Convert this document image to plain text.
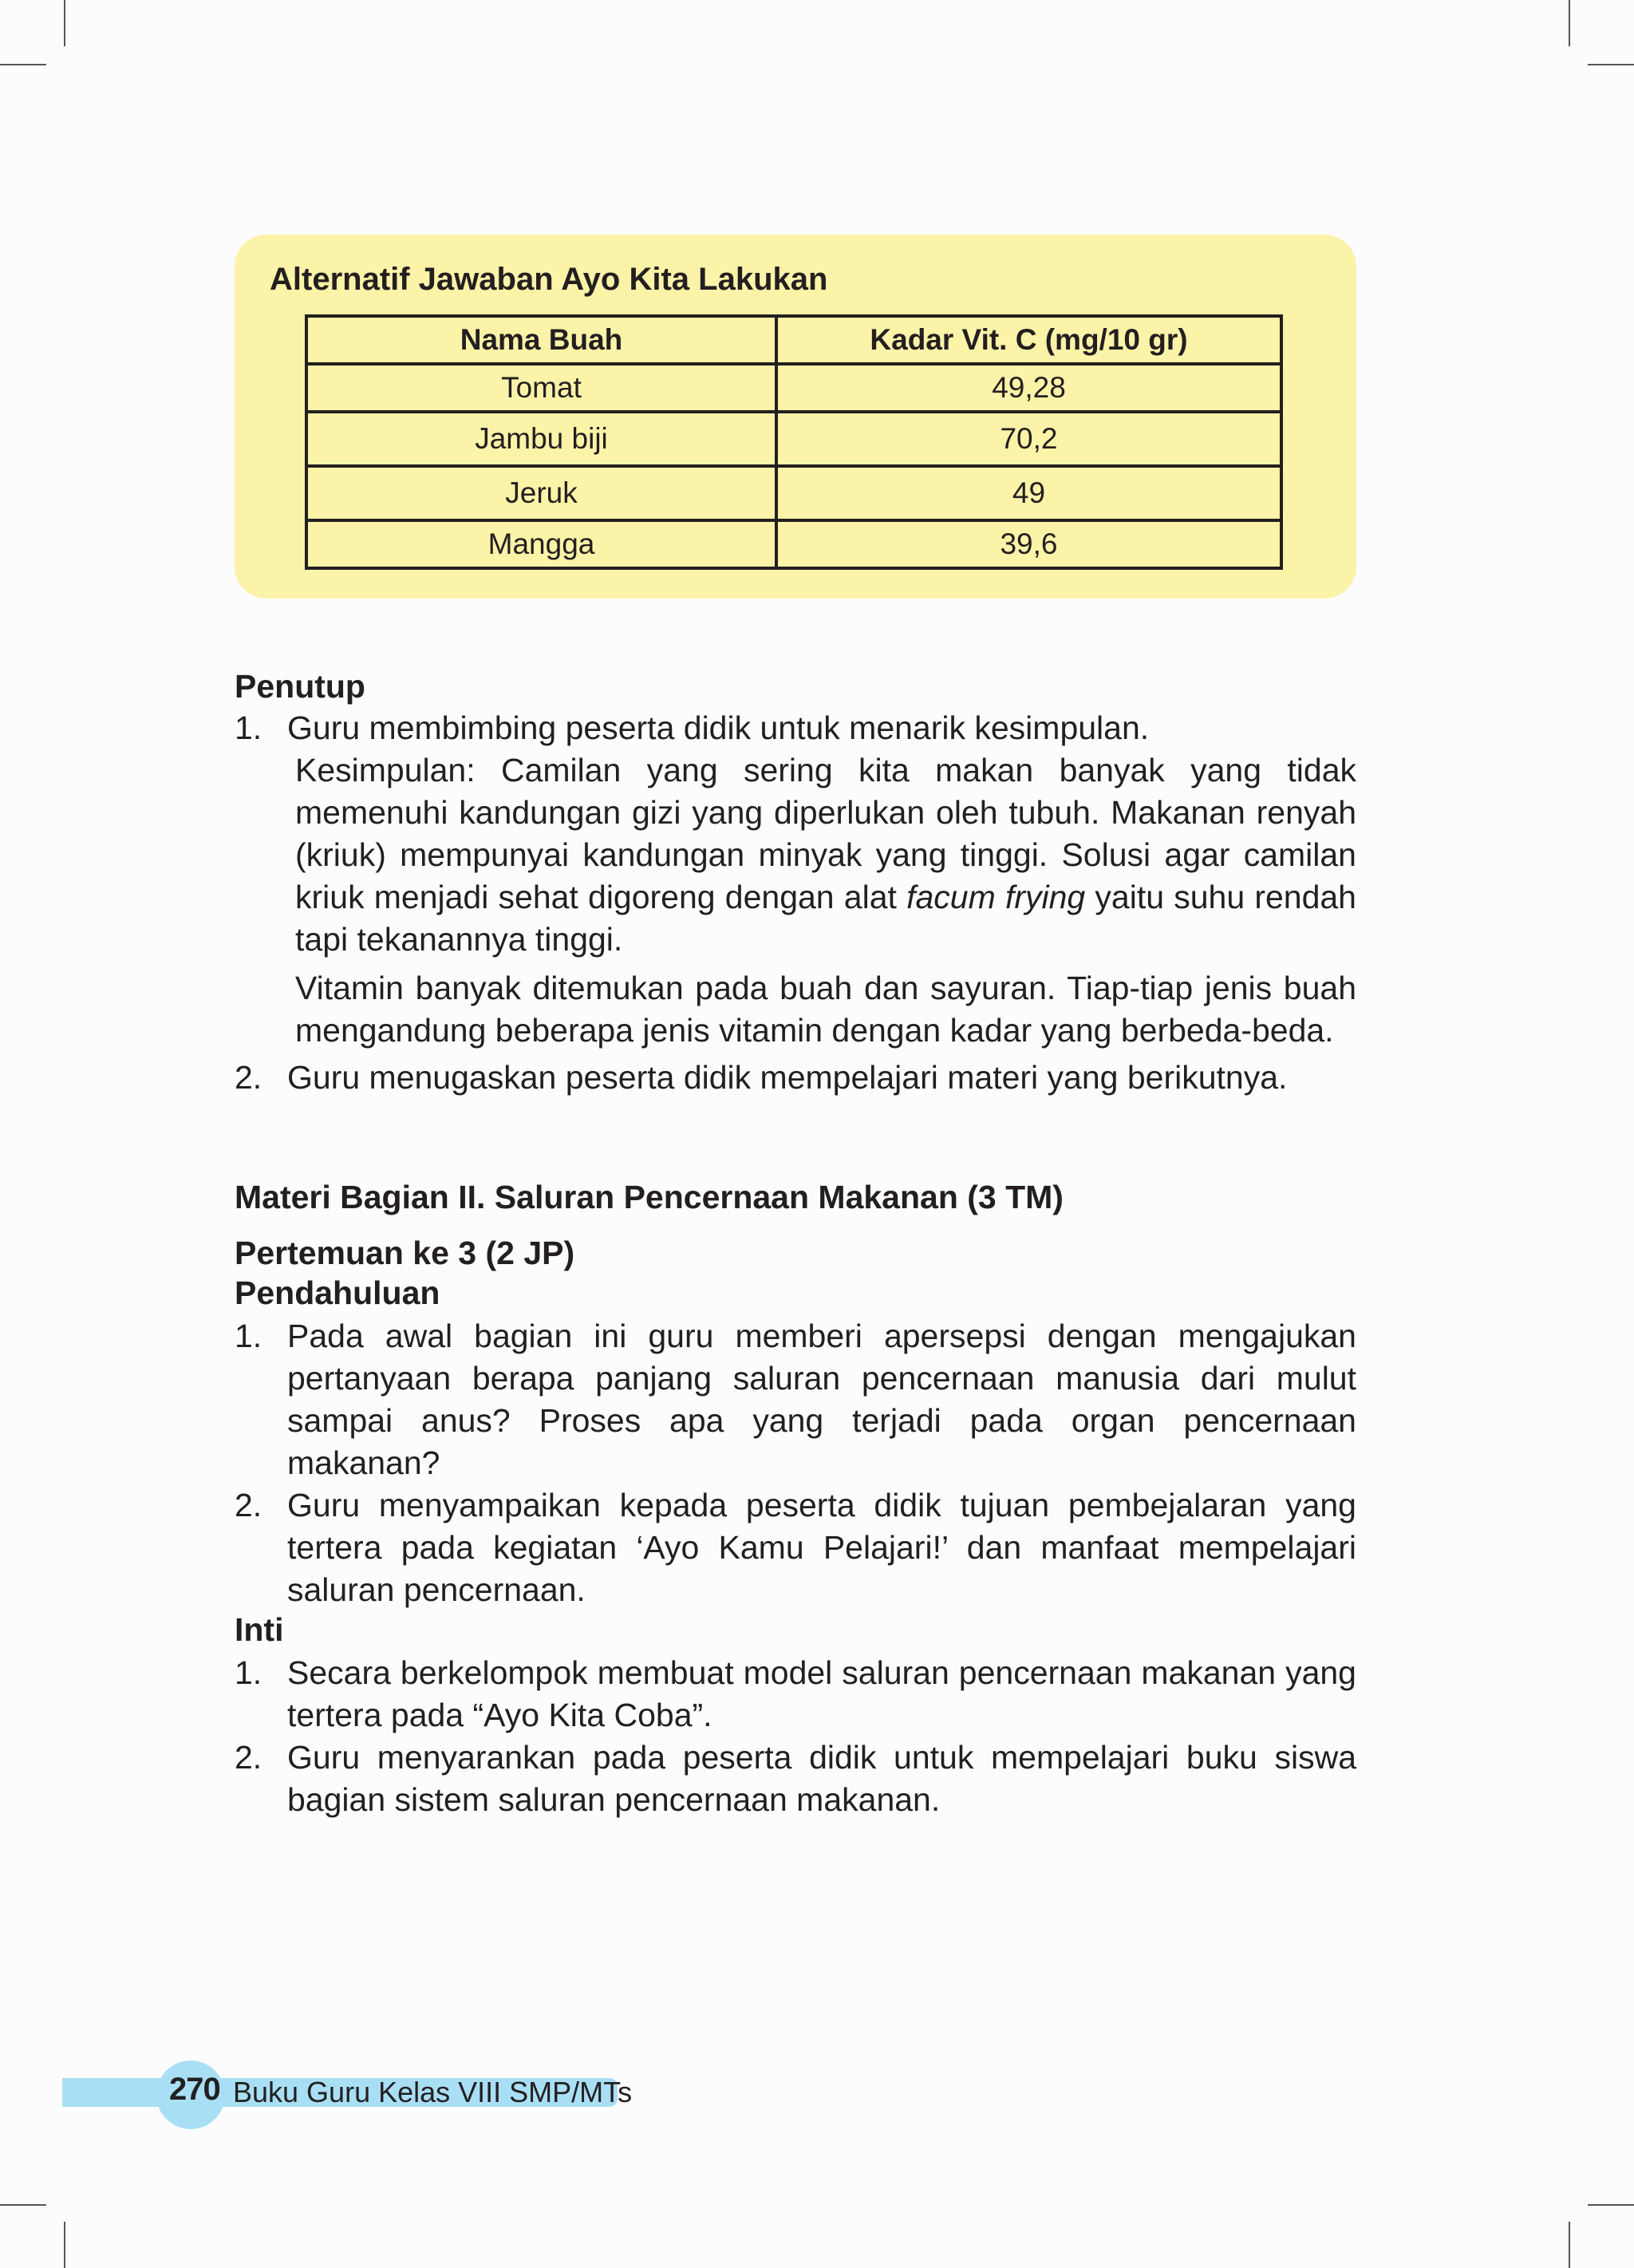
Alternatif Jawaban Ayo Kita Lakukan
Nama Buah	Kadar Vit. C (mg/10 gr)
Tomat	49,28
Jambu biji	70,2
Jeruk	49
Mangga	39,6
Penutup
1. Guru membimbing peserta didik untuk menarik kesimpulan.
Kesimpulan: Camilan yang sering kita makan banyak yang tidak memenuhi kandungan gizi yang diperlukan oleh tubuh. Makanan renyah (kriuk) mempunyai kandungan minyak yang tinggi. Solusi agar camilan kriuk menjadi sehat digoreng dengan alat facum frying yaitu suhu rendah tapi tekanannya tinggi.
Vitamin banyak ditemukan pada buah dan sayuran. Tiap-tiap jenis buah mengandung beberapa jenis vitamin dengan kadar yang berbeda-beda.
2. Guru menugaskan peserta didik mempelajari materi yang berikutnya.
Materi Bagian II. Saluran Pencernaan Makanan (3 TM)
Pertemuan ke 3 (2 JP)
Pendahuluan
1. Pada awal bagian ini guru memberi apersepsi dengan mengajukan pertanyaan berapa panjang saluran pencernaan manusia dari mulut sampai anus? Proses apa yang terjadi pada organ pencernaan makanan?
2. Guru menyampaikan kepada peserta didik tujuan pembejalaran yang tertera pada kegiatan ‘Ayo Kamu Pelajari!’ dan manfaat mempelajari saluran pencernaan.
Inti
1. Secara berkelompok membuat model saluran pencernaan makanan yang tertera pada “Ayo Kita Coba”.
2. Guru menyarankan pada peserta didik untuk mempelajari buku siswa bagian sistem saluran pencernaan makanan.
270 Buku Guru Kelas VIII SMP/MTs
